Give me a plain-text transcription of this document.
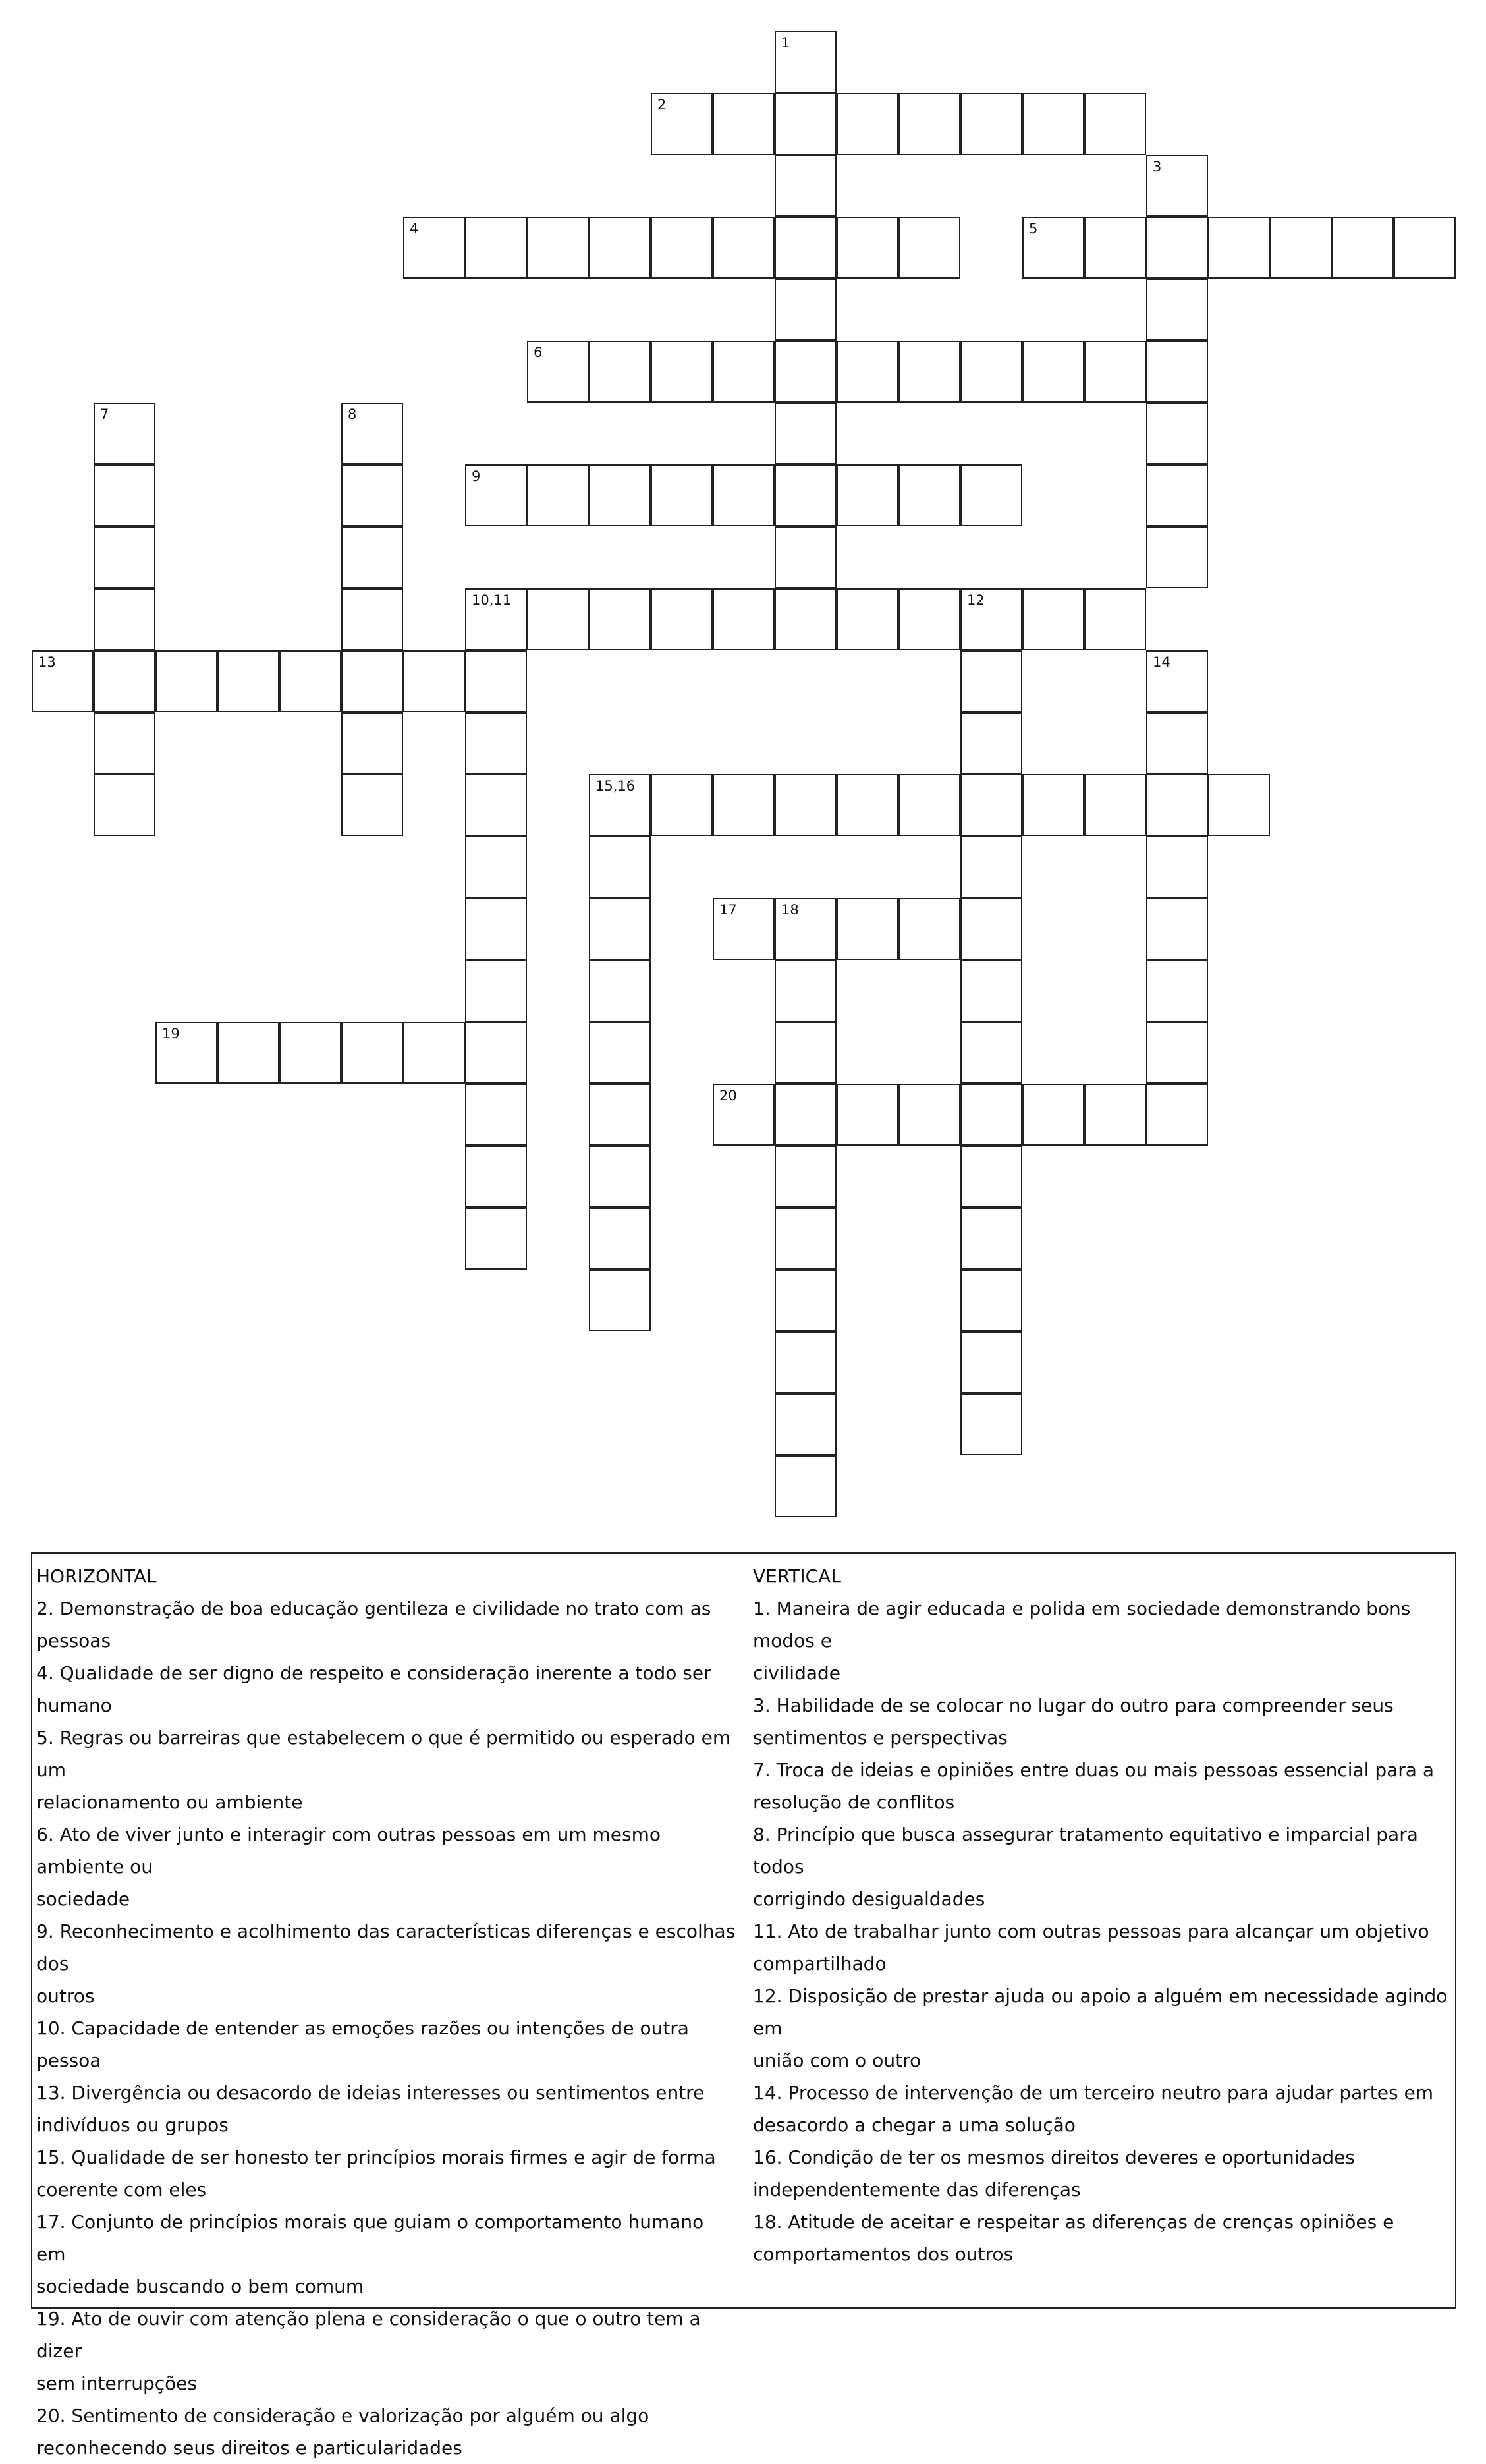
1
2
3
4	5
6
7	8
9
10,11	12
13	14
15,16
17	18
19
20
HORIZONTAL
2. Demonstração de boa educação gentileza e civilidade no trato com as
pessoas
4. Qualidade de ser digno de respeito e consideração inerente a todo ser
humano
5. Regras ou barreiras que estabelecem o que é permitido ou esperado em um
relacionamento ou ambiente
6. Ato de viver junto e interagir com outras pessoas em um mesmo ambiente ou
sociedade
9. Reconhecimento e acolhimento das características diferenças e escolhas dos
outros
10. Capacidade de entender as emoções razões ou intenções de outra pessoa
13. Divergência ou desacordo de ideias interesses ou sentimentos entre
indivíduos ou grupos
15. Qualidade de ser honesto ter princípios morais firmes e agir de forma
coerente com eles
17. Conjunto de princípios morais que guiam o comportamento humano em
sociedade buscando o bem comum
19. Ato de ouvir com atenção plena e consideração o que o outro tem a dizer
sem interrupções
20. Sentimento de consideração e valorização por alguém ou algo
reconhecendo seus direitos e particularidades
VERTICAL
1. Maneira de agir educada e polida em sociedade demonstrando bons modos e
civilidade
3. Habilidade de se colocar no lugar do outro para compreender seus
sentimentos e perspectivas
7. Troca de ideias e opiniões entre duas ou mais pessoas essencial para a
resolução de conflitos
8. Princípio que busca assegurar tratamento equitativo e imparcial para todos
corrigindo desigualdades
11. Ato de trabalhar junto com outras pessoas para alcançar um objetivo
compartilhado
12. Disposição de prestar ajuda ou apoio a alguém em necessidade agindo em
união com o outro
14. Processo de intervenção de um terceiro neutro para ajudar partes em
desacordo a chegar a uma solução
16. Condição de ter os mesmos direitos deveres e oportunidades
independentemente das diferenças
18. Atitude de aceitar e respeitar as diferenças de crenças opiniões e
comportamentos dos outros
